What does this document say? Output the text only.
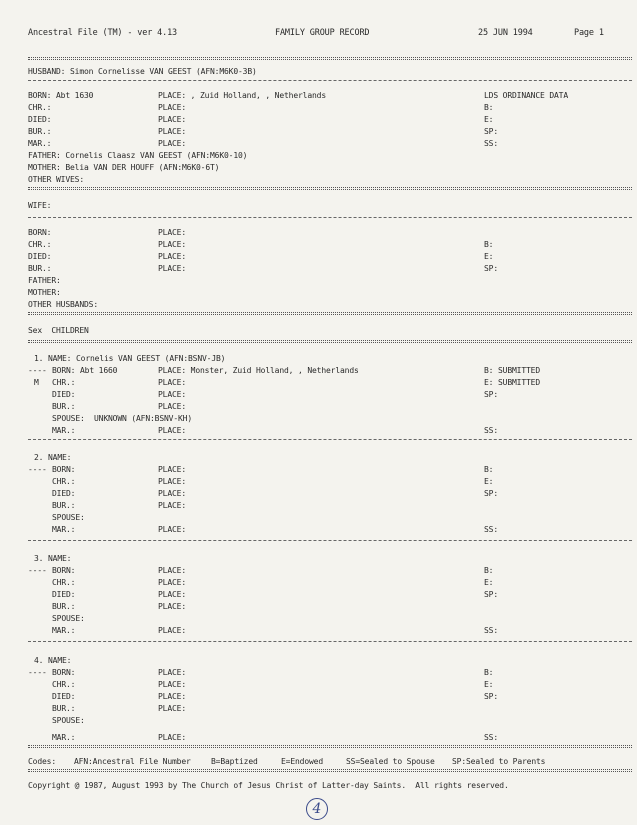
Ancestral File (TM) - ver 4.13	FAMILY GROUP RECORD	25 JUN 1994	Page 1
HUSBAND: Simon Cornelisse VAN GEEST (AFN:M6K0-3B)
BORN: Abt 1630	PLACE: , Zuid Holland, , Netherlands	LDS ORDINANCE DATA
CHR.:	PLACE:	B:
DIED:	PLACE:	E:
BUR.:	PLACE:	SP:
MAR.:	PLACE:	SS:
FATHER: Cornelis Claasz VAN GEEST (AFN:M6K0-10)
MOTHER: Belia VAN DER HOUFF (AFN:M6K0-6T)
OTHER WIVES:
WIFE:
BORN:	PLACE:
CHR.:	PLACE:	B:
DIED:	PLACE:	E:
BUR.:	PLACE:	SP:
FATHER:
MOTHER:
OTHER HUSBANDS:
Sex  CHILDREN
1. NAME: Cornelis VAN GEEST (AFN:BSNV-JB)
---- BORN: Abt 1660	PLACE: Monster, Zuid Holland, , Netherlands	B: SUBMITTED
M CHR.:	PLACE:	E: SUBMITTED
DIED:	PLACE:	SP:
BUR.:	PLACE:
SPOUSE:  UNKNOWN (AFN:BSNV-KH)
MAR.:	PLACE:	SS:
2. NAME:
---- BORN:	PLACE:	B:
CHR.:	PLACE:	E:
DIED:	PLACE:	SP:
BUR.:	PLACE:
SPOUSE:
MAR.:	PLACE:	SS:
3. NAME:
---- BORN:	PLACE:	B:
CHR.:	PLACE:	E:
DIED:	PLACE:	SP:
BUR.:	PLACE:
SPOUSE:
MAR.:	PLACE:	SS:
4. NAME:
---- BORN:	PLACE:	B:
CHR.:	PLACE:	E:
DIED:	PLACE:	SP:
BUR.:	PLACE:
SPOUSE:
MAR.:	PLACE:	SS:
Codes: AFN:Ancestral File Number	B=Baptized	E=Endowed	SS=Sealed to Spouse SP:Sealed to Parents
Copyright @ 1987, August 1993 by The Church of Jesus Christ of Latter-day Saints.  All rights reserved.
4
